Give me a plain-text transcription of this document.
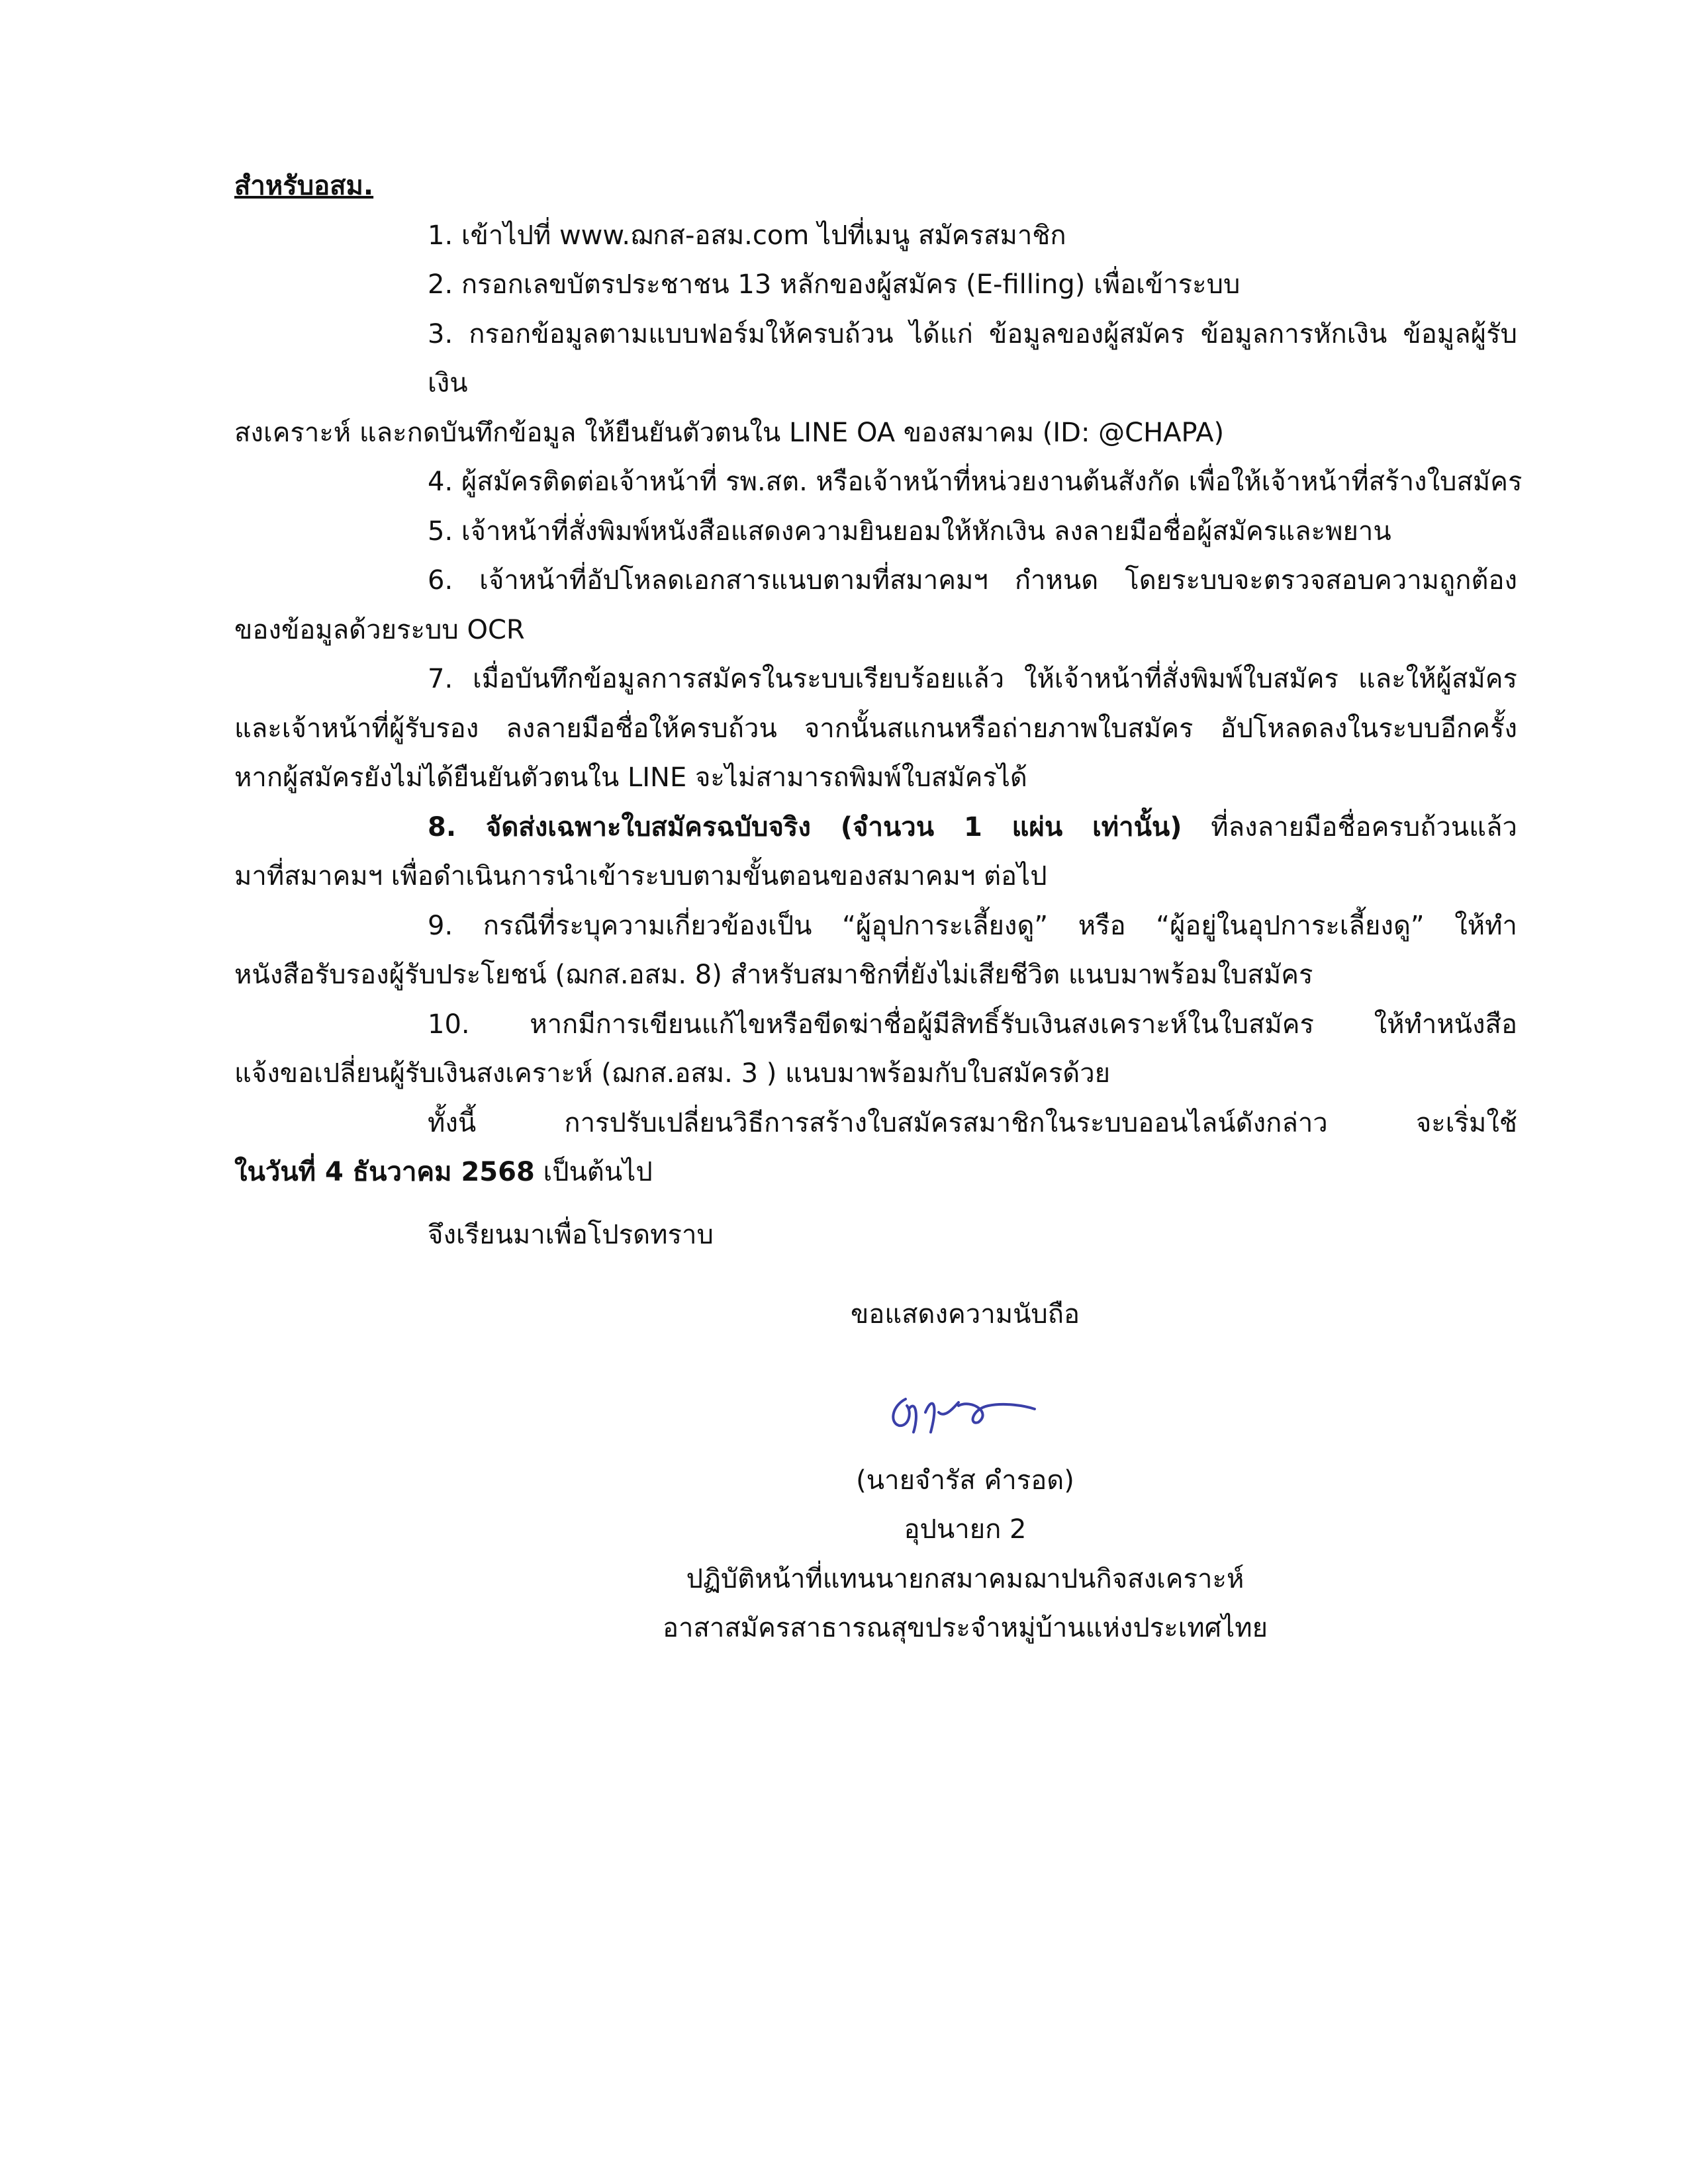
สำหรับอสม.
1. เข้าไปที่ www.ฌกส-อสม.com ไปที่เมนู สมัครสมาชิก
2. กรอกเลขบัตรประชาชน 13 หลักของผู้สมัคร (E-filling) เพื่อเข้าระบบ
3. กรอกข้อมูลตามแบบฟอร์มให้ครบถ้วน ได้แก่ ข้อมูลของผู้สมัคร ข้อมูลการหักเงิน ข้อมูลผู้รับเงิน
สงเคราะห์ และกดบันทึกข้อมูล ให้ยืนยันตัวตนใน LINE OA ของสมาคม (ID: @CHAPA)
4. ผู้สมัครติดต่อเจ้าหน้าที่ รพ.สต. หรือเจ้าหน้าที่หน่วยงานต้นสังกัด เพื่อให้เจ้าหน้าที่สร้างใบสมัคร
5. เจ้าหน้าที่สั่งพิมพ์หนังสือแสดงความยินยอมให้หักเงิน ลงลายมือชื่อผู้สมัครและพยาน
6. เจ้าหน้าที่อัปโหลดเอกสารแนบตามที่สมาคมฯ กำหนด โดยระบบจะตรวจสอบความถูกต้อง
ของข้อมูลด้วยระบบ OCR
7. เมื่อบันทึกข้อมูลการสมัครในระบบเรียบร้อยแล้ว ให้เจ้าหน้าที่สั่งพิมพ์ใบสมัคร และให้ผู้สมัคร
และเจ้าหน้าที่ผู้รับรอง ลงลายมือชื่อให้ครบถ้วน จากนั้นสแกนหรือถ่ายภาพใบสมัคร อัปโหลดลงในระบบอีกครั้ง
หากผู้สมัครยังไม่ได้ยืนยันตัวตนใน LINE จะไม่สามารถพิมพ์ใบสมัครได้
8. จัดส่งเฉพาะใบสมัครฉบับจริง (จำนวน 1 แผ่น เท่านั้น) ที่ลงลายมือชื่อครบถ้วนแล้ว
มาที่สมาคมฯ เพื่อดำเนินการนำเข้าระบบตามขั้นตอนของสมาคมฯ ต่อไป
9. กรณีที่ระบุความเกี่ยวข้องเป็น “ผู้อุปการะเลี้ยงดู” หรือ “ผู้อยู่ในอุปการะเลี้ยงดู” ให้ทำ
หนังสือรับรองผู้รับประโยชน์ (ฌกส.อสม. 8) สำหรับสมาชิกที่ยังไม่เสียชีวิต แนบมาพร้อมใบสมัคร
10. หากมีการเขียนแก้ไขหรือขีดฆ่าชื่อผู้มีสิทธิ์รับเงินสงเคราะห์ในใบสมัคร ให้ทำหนังสือ
แจ้งขอเปลี่ยนผู้รับเงินสงเคราะห์ (ฌกส.อสม. 3 ) แนบมาพร้อมกับใบสมัครด้วย
ทั้งนี้ การปรับเปลี่ยนวิธีการสร้างใบสมัครสมาชิกในระบบออนไลน์ดังกล่าว จะเริ่มใช้
ในวันที่ 4 ธันวาคม 2568 เป็นต้นไป
จึงเรียนมาเพื่อโปรดทราบ
ขอแสดงความนับถือ
(นายจำรัส คำรอด)
อุปนายก 2
ปฏิบัติหน้าที่แทนนายกสมาคมฌาปนกิจสงเคราะห์
อาสาสมัครสาธารณสุขประจำหมู่บ้านแห่งประเทศไทย
